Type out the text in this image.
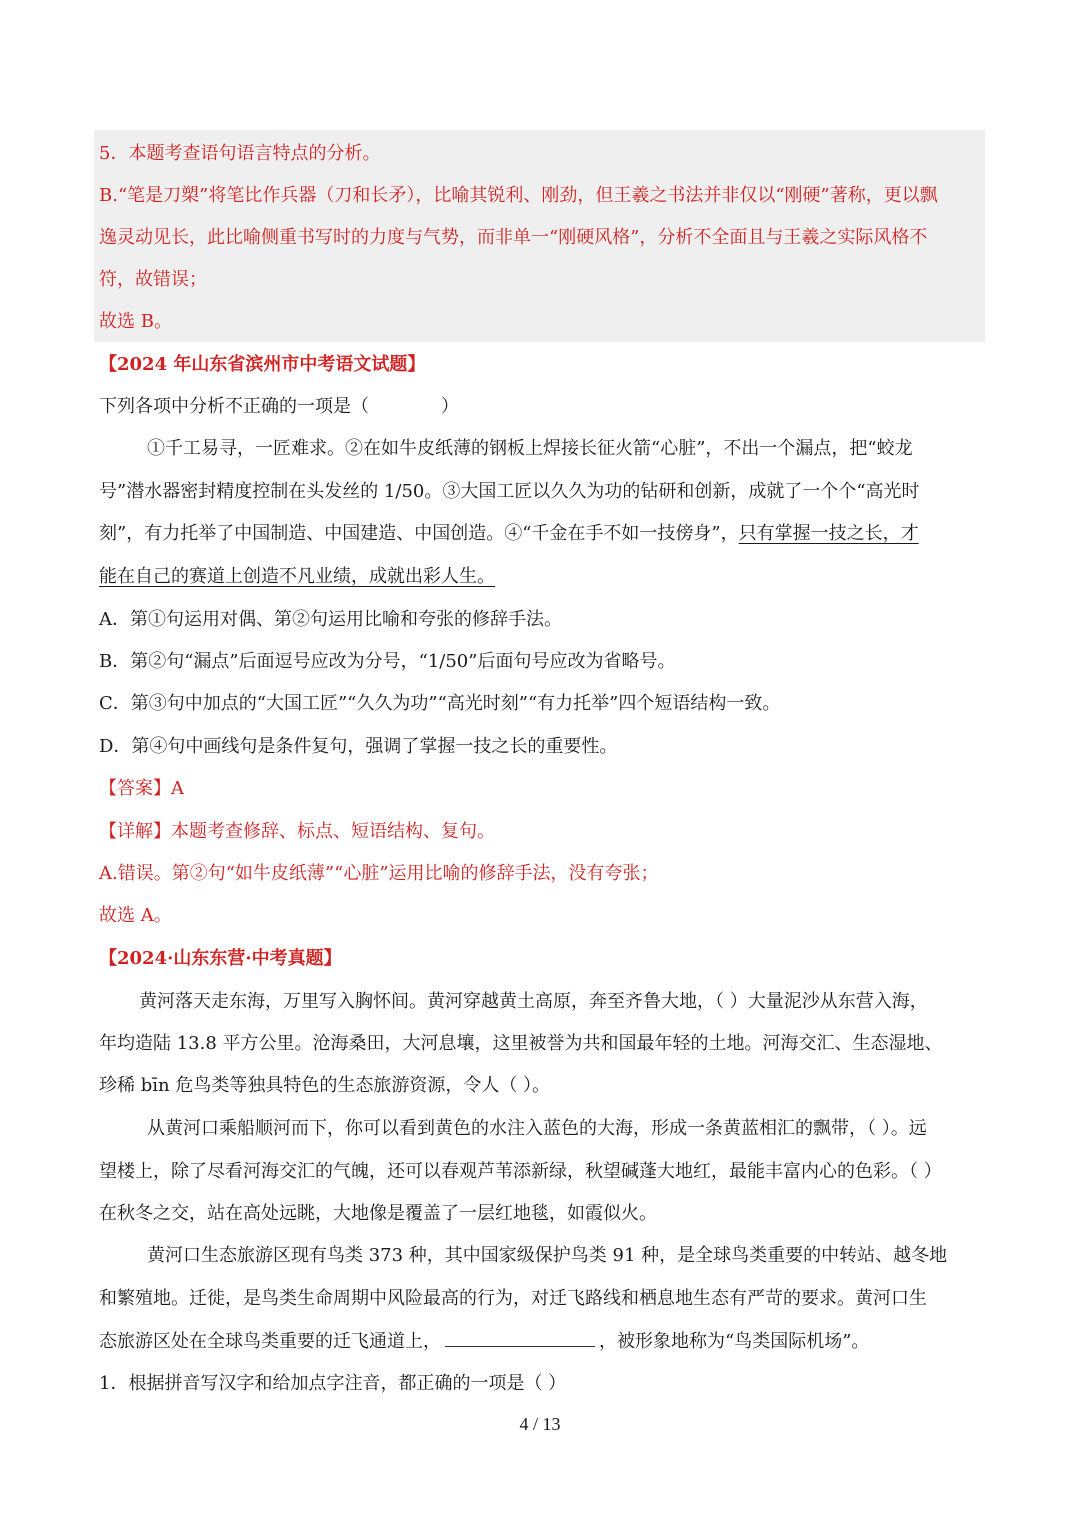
5．本题考查语句语言特点的分析。
B.“笔是刀槊”将笔比作兵器（刀和长矛），比喻其锐利、刚劲，但王羲之书法并非仅以“刚硬”著称，更以飘
逸灵动见长，此比喻侧重书写时的力度与气势，而非单一“刚硬风格”，分析不全面且与王羲之实际风格不
符，故错误；
故选 B。
【2024 年山东省滨州市中考语文试题】
下列各项中分析不正确的一项是（　　　　）
①千工易寻，一匠难求。②在如牛皮纸薄的钢板上焊接长征火箭“心脏”，不出一个漏点，把“蛟龙
号”潜水器密封精度控制在头发丝的 1/50。③大国工匠以久久为功的钻研和创新，成就了一个个“高光时
刻”，有力托举了中国制造、中国建造、中国创造。④“千金在手不如一技傍身”，只有掌握一技之长，才
能在自己的赛道上创造不凡业绩，成就出彩人生。
A．第①句运用对偶、第②句运用比喻和夸张的修辞手法。
B．第②句“漏点”后面逗号应改为分号，“1/50”后面句号应改为省略号。
C．第③句中加点的“大国工匠”“久久为功”“高光时刻”“有力托举”四个短语结构一致。
D．第④句中画线句是条件复句，强调了掌握一技之长的重要性。
【答案】A
【详解】本题考查修辞、标点、短语结构、复句。
A.错误。第②句“如牛皮纸薄”“心脏”运用比喻的修辞手法，没有夸张；
故选 A。
【2024·山东东营·中考真题】
黄河落天走东海，万里写入胸怀间。黄河穿越黄土高原，奔至齐鲁大地，（ ）大量泥沙从东营入海，
年均造陆 13.8 平方公里。沧海桑田，大河息壤，这里被誉为共和国最年轻的土地。河海交汇、生态湿地、
珍稀 bīn 危鸟类等独具特色的生态旅游资源，令人（ ）。
从黄河口乘船顺河而下，你可以看到黄色的水注入蓝色的大海，形成一条黄蓝相汇的飘带，（ ）。远
望楼上，除了尽看河海交汇的气魄，还可以春观芦苇添新绿，秋望碱蓬大地红，最能丰富内心的色彩。（ ）
在秋冬之交，站在高处远眺，大地像是覆盖了一层红地毯，如霞似火。
黄河口生态旅游区现有鸟类 373 种，其中国家级保护鸟类 91 种，是全球鸟类重要的中转站、越冬地
和繁殖地。迁徙，是鸟类生命周期中风险最高的行为，对迁飞路线和栖息地生态有严苛的要求。黄河口生
态旅游区处在全球鸟类重要的迁飞通道上，	，被形象地称为“鸟类国际机场”。
1．根据拼音写汉字和给加点字注音，都正确的一项是（ ）
4 / 13
